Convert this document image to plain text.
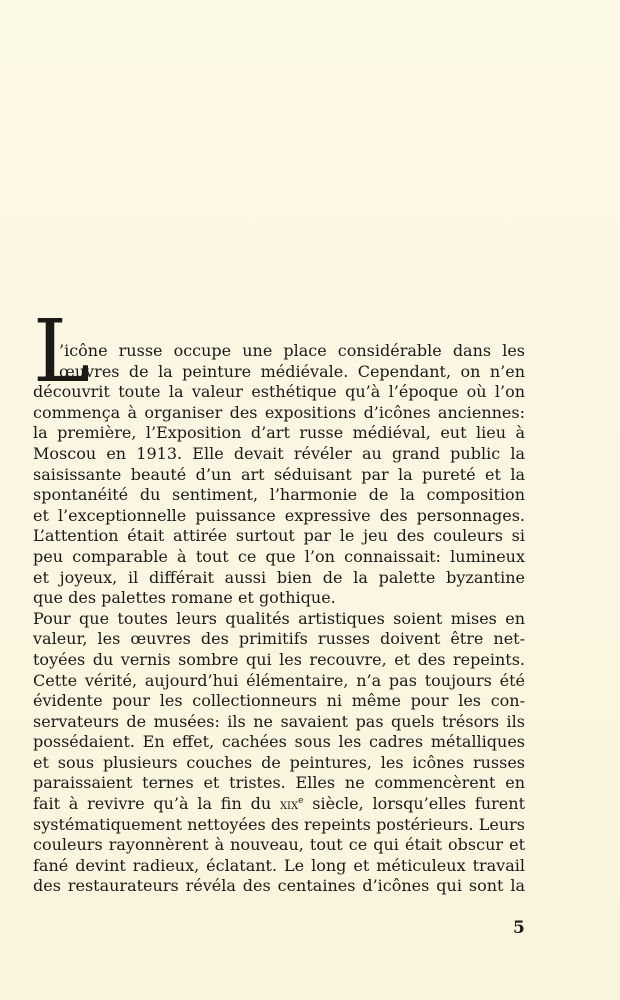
L
’icône russe occupe une place considérable dans les
œuvres de la peinture médiévale. Cependant, on n’en
découvrit toute la valeur esthétique qu’à l’époque où l’on
commença à organiser des expositions d’icônes anciennes:
la première, l’Exposition d’art russe médiéval, eut lieu à
Moscou en 1913. Elle devait révéler au grand public la
saisissante beauté d’un art séduisant par la pureté et la
spontanéité du sentiment, l’harmonie de la composition
et l’exceptionnelle puissance expressive des personnages.
L’attention était attirée surtout par le jeu des couleurs si
peu comparable à tout ce que l’on connaissait: lumineux
et joyeux, il différait aussi bien de la palette byzantine
que des palettes romane et gothique.
Pour que toutes leurs qualités artistiques soient mises en
valeur, les œuvres des primitifs russes doivent être net-
toyées du vernis sombre qui les recouvre, et des repeints.
Cette vérité, aujourd’hui élémentaire, n’a pas toujours été
évidente pour les collectionneurs ni même pour les con-
servateurs de musées: ils ne savaient pas quels trésors ils
possédaient. En effet, cachées sous les cadres métalliques
et sous plusieurs couches de peintures, les icônes russes
paraissaient ternes et tristes. Elles ne commencèrent en
fait à revivre qu’à la fin du xix$^e$ siècle, lorsqu’elles furent
systématiquement nettoyées des repeints postérieurs. Leurs
couleurs rayonnèrent à nouveau, tout ce qui était obscur et
fané devint radieux, éclatant. Le long et méticuleux travail
des restaurateurs révéla des centaines d’icônes qui sont la
5
